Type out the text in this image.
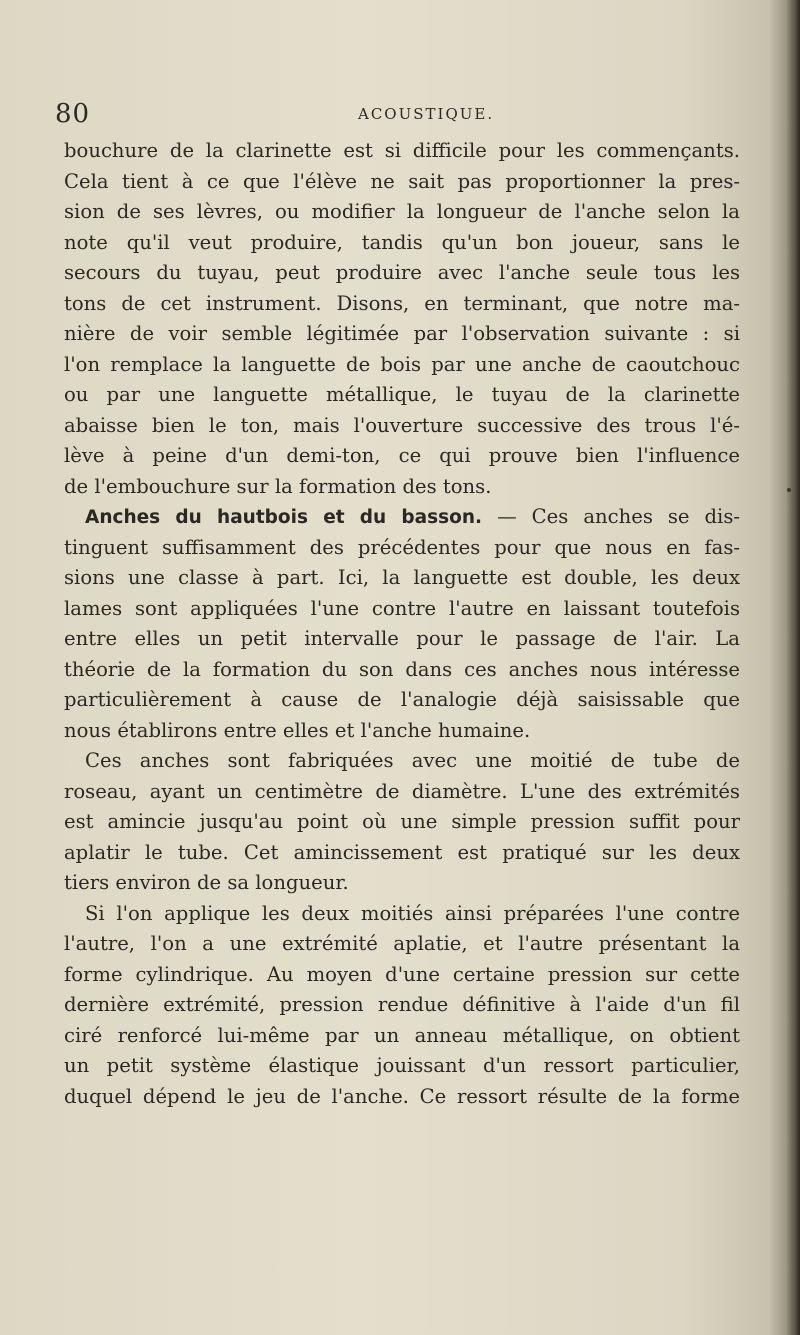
80	ACOUSTIQUE.
bouchure de la clarinette est si difficile pour les commençants.
Cela tient à ce que l'élève ne sait pas proportionner la pres-
sion de ses lèvres, ou modifier la longueur de l'anche selon la
note qu'il veut produire, tandis qu'un bon joueur, sans le
secours du tuyau, peut produire avec l'anche seule tous les
tons de cet instrument. Disons, en terminant, que notre ma-
nière de voir semble légitimée par l'observation suivante : si
l'on remplace la languette de bois par une anche de caoutchouc
ou par une languette métallique, le tuyau de la clarinette
abaisse bien le ton, mais l'ouverture successive des trous l'é-
lève à peine d'un demi-ton, ce qui prouve bien l'influence
de l'embouchure sur la formation des tons.
Anches du hautbois et du basson. — Ces anches se dis-
tinguent suffisamment des précédentes pour que nous en fas-
sions une classe à part. Ici, la languette est double, les deux
lames sont appliquées l'une contre l'autre en laissant toutefois
entre elles un petit intervalle pour le passage de l'air. La
théorie de la formation du son dans ces anches nous intéresse
particulièrement à cause de l'analogie déjà saisissable que
nous établirons entre elles et l'anche humaine.
Ces anches sont fabriquées avec une moitié de tube de
roseau, ayant un centimètre de diamètre. L'une des extrémités
est amincie jusqu'au point où une simple pression suffit pour
aplatir le tube. Cet amincissement est pratiqué sur les deux
tiers environ de sa longueur.
Si l'on applique les deux moitiés ainsi préparées l'une contre
l'autre, l'on a une extrémité aplatie, et l'autre présentant la
forme cylindrique. Au moyen d'une certaine pression sur cette
dernière extrémité, pression rendue définitive à l'aide d'un fil
ciré renforcé lui-même par un anneau métallique, on obtient
un petit système élastique jouissant d'un ressort particulier,
duquel dépend le jeu de l'anche. Ce ressort résulte de la forme
